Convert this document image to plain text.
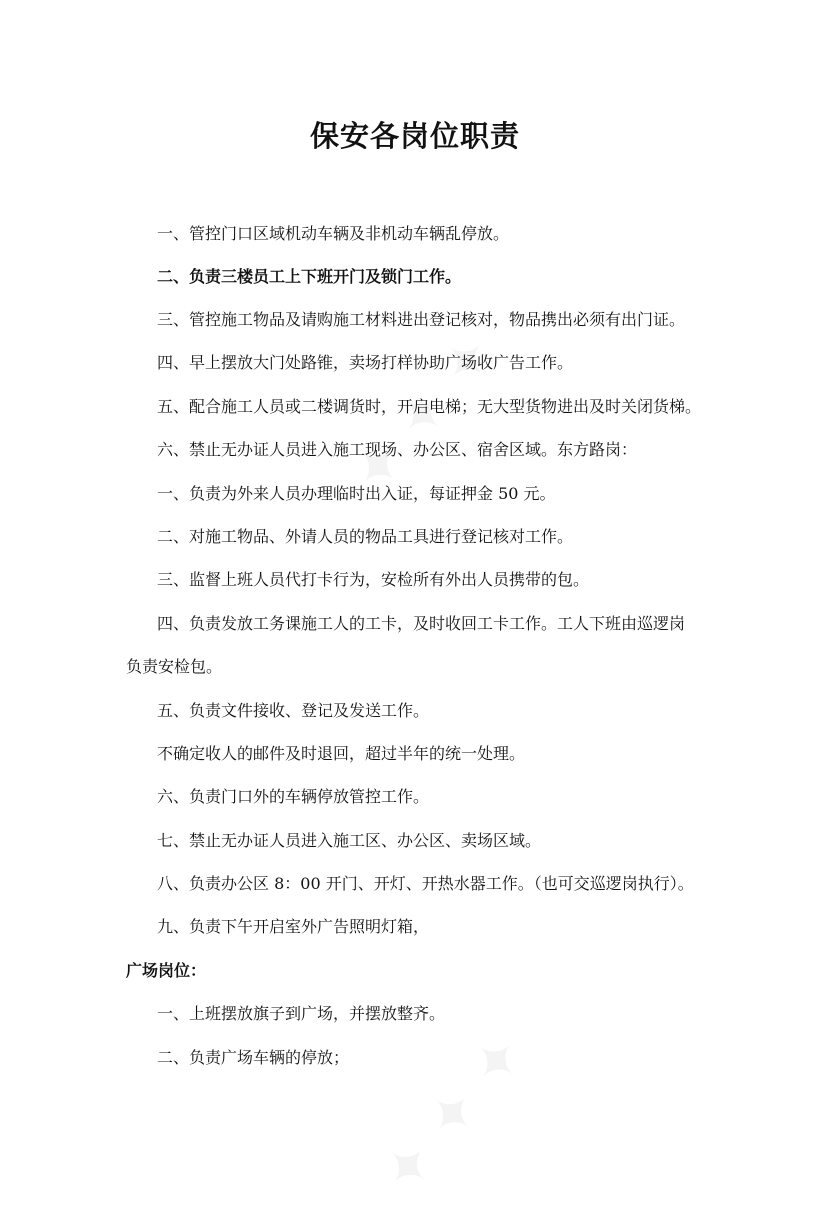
保安各岗位职责
一、管控门口区域机动车辆及非机动车辆乱停放。
二、负责三楼员工上下班开门及锁门工作。
三、管控施工物品及请购施工材料进出登记核对，物品携出必须有出门证。
四、早上摆放大门处路锥，卖场打样协助广场收广告工作。
五、配合施工人员或二楼调货时，开启电梯；无大型货物进出及时关闭货梯。
六、禁止无办证人员进入施工现场、办公区、宿舍区域。东方路岗：
一、负责为外来人员办理临时出入证，每证押金 50 元。
二、对施工物品、外请人员的物品工具进行登记核对工作。
三、监督上班人员代打卡行为，安检所有外出人员携带的包。
四、负责发放工务课施工人的工卡，及时收回工卡工作。工人下班由巡逻岗
负责安检包。
五、负责文件接收、登记及发送工作。
不确定收人的邮件及时退回，超过半年的统一处理。
六、负责门口外的车辆停放管控工作。
七、禁止无办证人员进入施工区、办公区、卖场区域。
八、负责办公区 8：00 开门、开灯、开热水器工作。（也可交巡逻岗执行）。
九、负责下午开启室外广告照明灯箱，
广场岗位：
一、上班摆放旗子到广场，并摆放整齐。
二、负责广场车辆的停放；
